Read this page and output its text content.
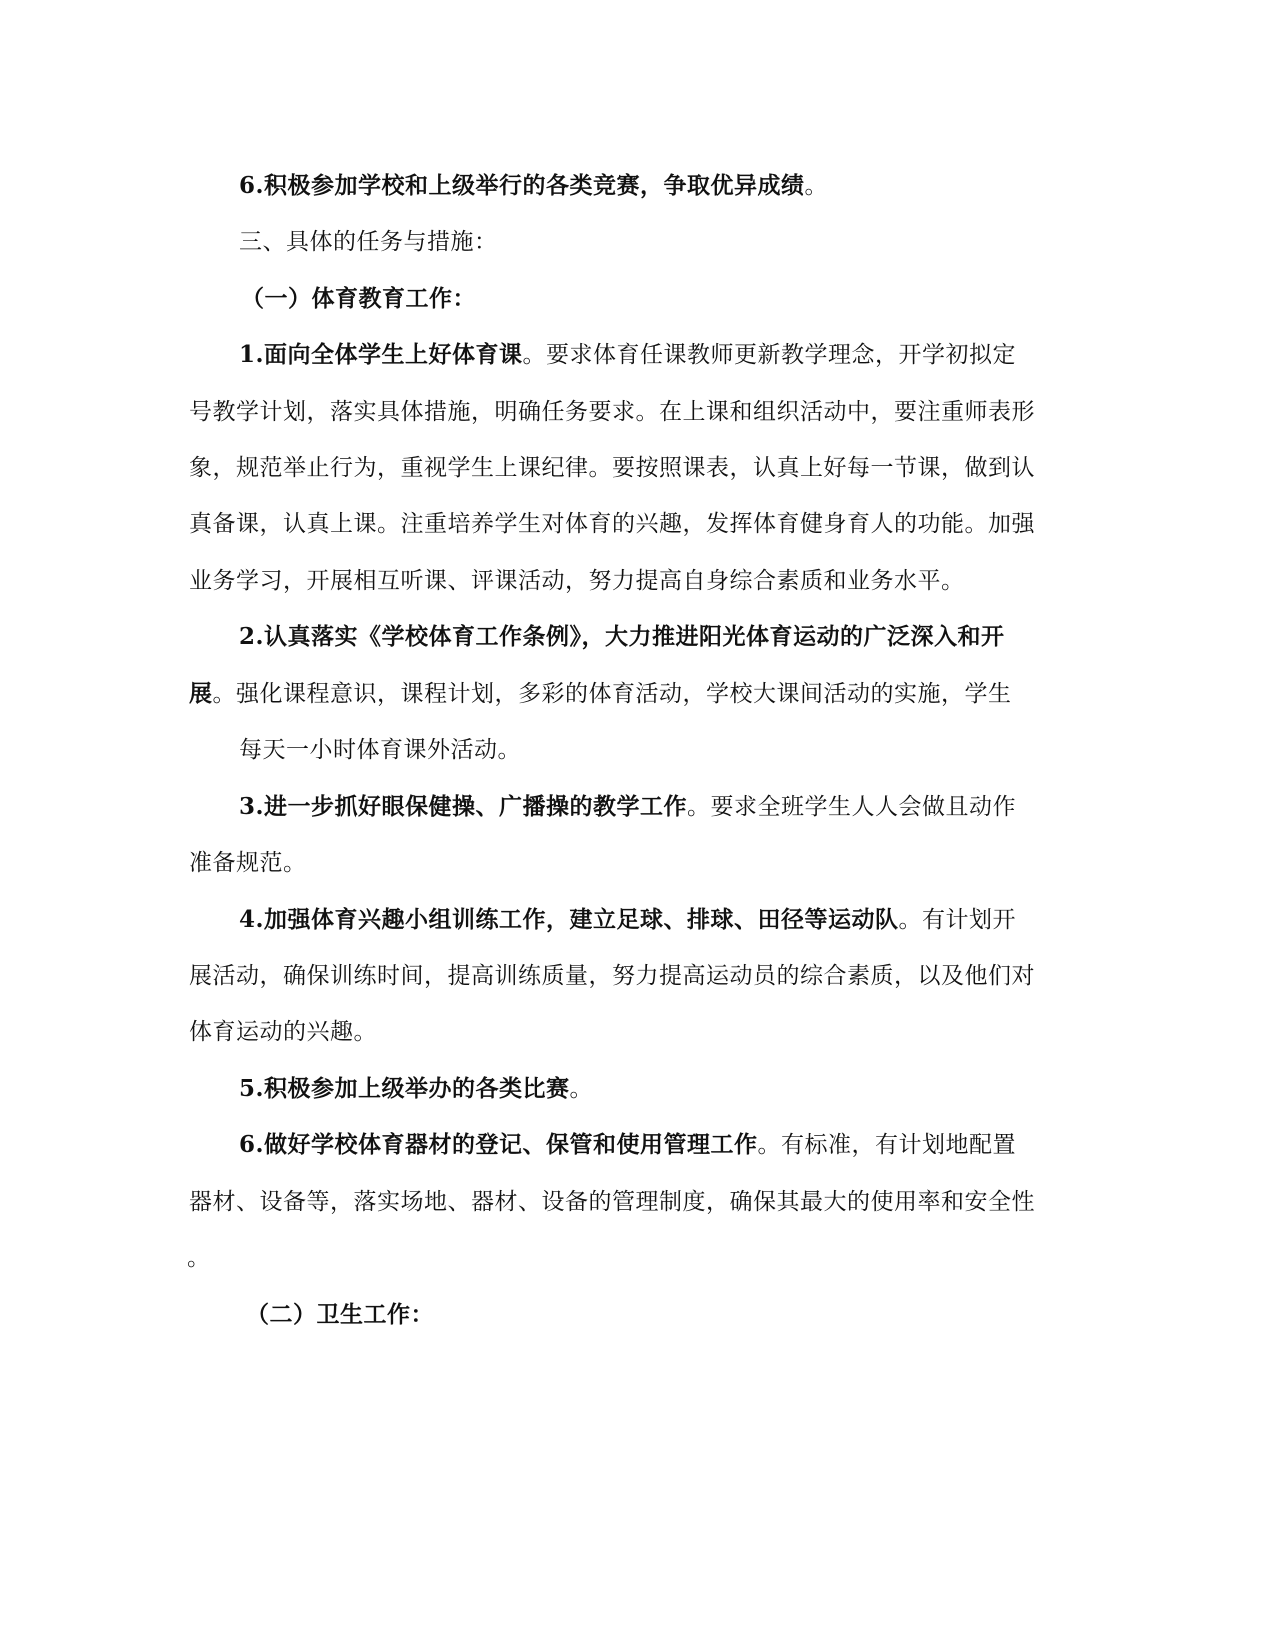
6.积极参加学校和上级举行的各类竞赛，争取优异成绩。
三、具体的任务与措施：
（一）体育教育工作：
1.面向全体学生上好体育课。要求体育任课教师更新教学理念，开学初拟定
号教学计划，落实具体措施，明确任务要求。在上课和组织活动中，要注重师表形
象，规范举止行为，重视学生上课纪律。要按照课表，认真上好每一节课，做到认
真备课，认真上课。注重培养学生对体育的兴趣，发挥体育健身育人的功能。加强
业务学习，开展相互听课、评课活动，努力提高自身综合素质和业务水平。
2.认真落实《学校体育工作条例》，大力推进阳光体育运动的广泛深入和开
展。强化课程意识，课程计划，多彩的体育活动，学校大课间活动的实施，学生
每天一小时体育课外活动。
3.进一步抓好眼保健操、广播操的教学工作。要求全班学生人人会做且动作
准备规范。
4.加强体育兴趣小组训练工作，建立足球、排球、田径等运动队。有计划开
展活动，确保训练时间，提高训练质量，努力提高运动员的综合素质，以及他们对
体育运动的兴趣。
5.积极参加上级举办的各类比赛。
6.做好学校体育器材的登记、保管和使用管理工作。有标准，有计划地配置
器材、设备等，落实场地、器材、设备的管理制度，确保其最大的使用率和安全性
。
（二）卫生工作：
